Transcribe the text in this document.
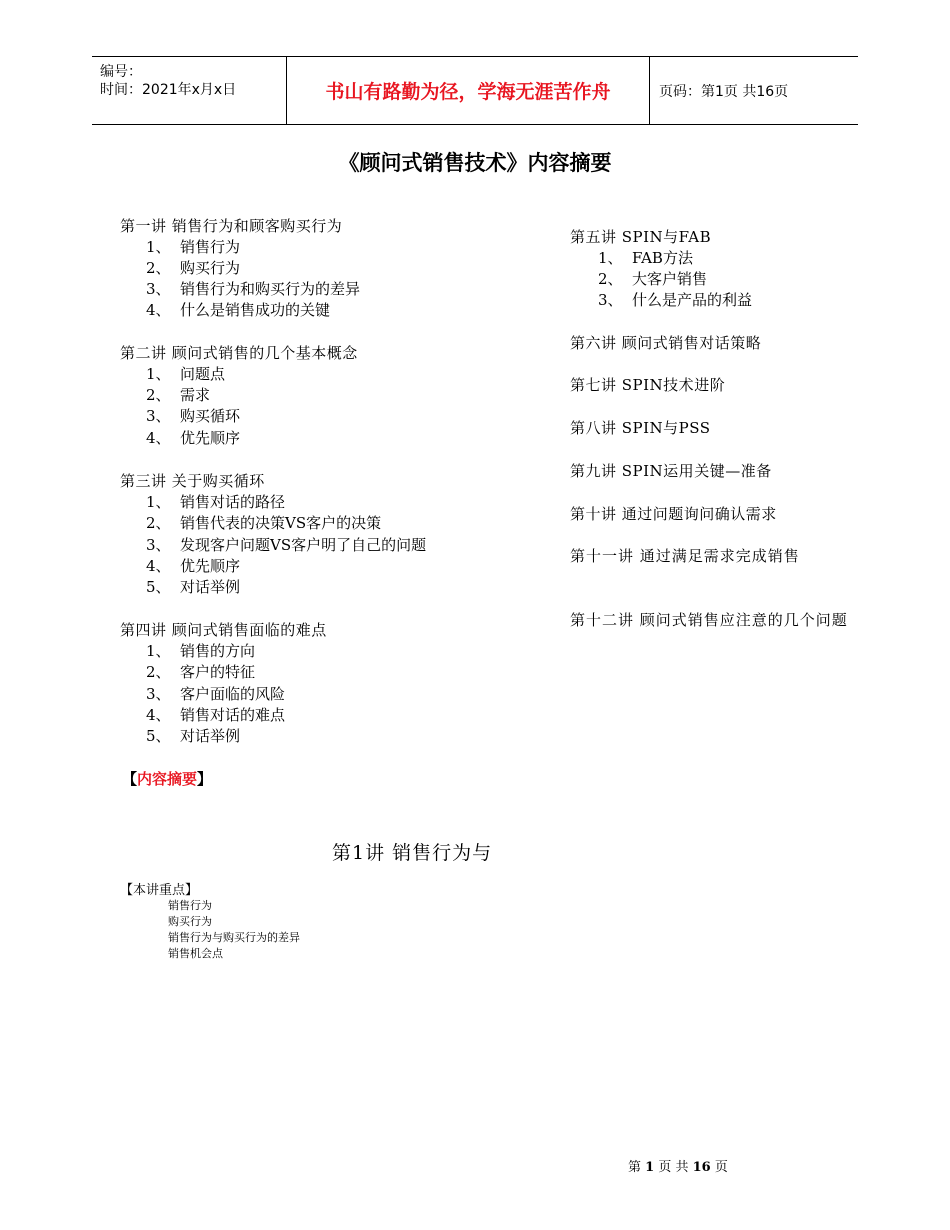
编号：
时间：2021年x月x日	书山有路勤为径，学海无涯苦作舟	页码：第1页 共16页
《顾问式销售技术》内容摘要
第一讲 销售行为和顾客购买行为
1、 销售行为
2、 购买行为
3、 销售行为和购买行为的差异
4、 什么是销售成功的关键
第二讲 顾问式销售的几个基本概念
1、 问题点
2、 需求
3、 购买循环
4、 优先顺序
第三讲 关于购买循环
1、 销售对话的路径
2、 销售代表的决策VS客户的决策
3、 发现客户问题VS客户明了自己的问题
4、 优先顺序
5、 对话举例
第四讲 顾问式销售面临的难点
1、 销售的方向
2、 客户的特征
3、 客户面临的风险
4、 销售对话的难点
5、 对话举例
第五讲 SPIN与FAB
1、 FAB方法
2、 大客户销售
3、 什么是产品的利益
第六讲 顾问式销售对话策略
第七讲 SPIN技术进阶
第八讲 SPIN与PSS
第九讲 SPIN运用关键—准备
第十讲 通过问题询问确认需求
第十一讲 通过满足需求完成销售
第十二讲 顾问式销售应注意的几个问题
【内容摘要】
第1讲 销售行为与
【本讲重点】
销售行为
购买行为
销售行为与购买行为的差异
销售机会点
第 1 页 共 16 页
